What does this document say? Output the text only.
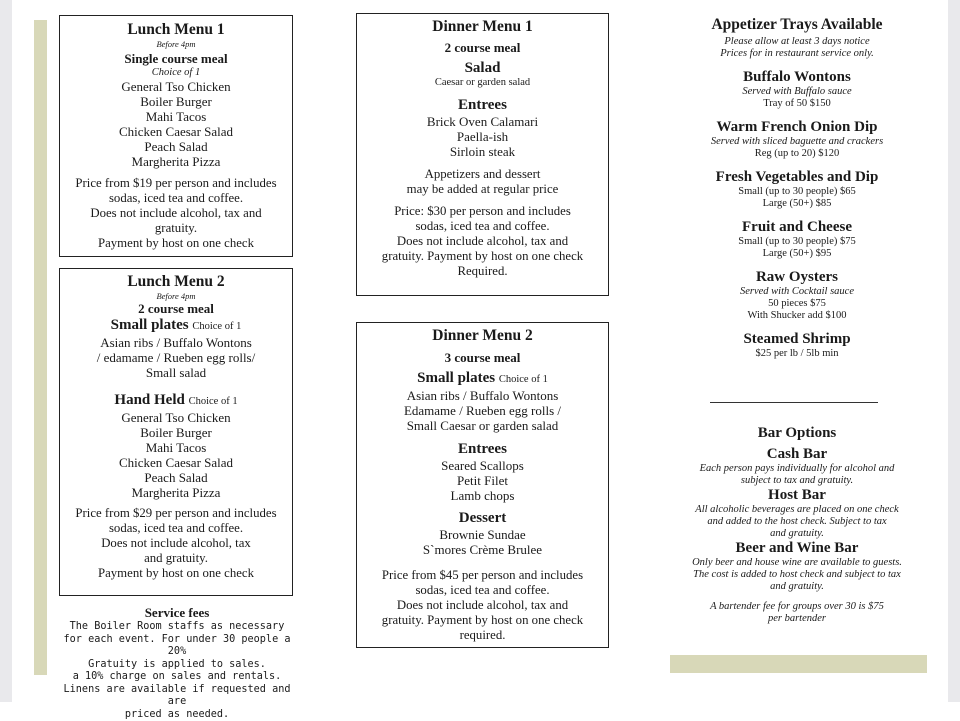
Lunch Menu 1
Before 4pm
Single course meal
Choice of 1
General Tso Chicken
Boiler Burger
Mahi Tacos
Chicken Caesar Salad
Peach Salad
Margherita Pizza
Price from $19 per person and includes
sodas, iced tea and coffee.
Does not include alcohol, tax and
gratuity.
Payment by host on one check
Lunch Menu 2
Before 4pm
2 course meal
Small plates Choice of 1
Asian ribs / Buffalo Wontons
/ edamame / Rueben egg rolls/
Small salad
Hand Held Choice of 1
General Tso Chicken
Boiler Burger
Mahi Tacos
Chicken Caesar Salad
Peach Salad
Margherita Pizza
Price from $29 per person and includes
sodas, iced tea and coffee.
Does not include alcohol, tax
and gratuity.
Payment by host on one check
Service fees
The Boiler Room staffs as necessary
for each event. For under 30 people a 20%
Gratuity is applied to sales.
a 10% charge on sales and rentals.
Linens are available if requested and are
priced as needed.
Dinner Menu 1
2 course meal
Salad
Caesar or garden salad
Entrees
Brick Oven Calamari
Paella-ish
Sirloin steak
Appetizers and dessert
may be added at regular price
Price: $30 per person and includes
sodas, iced tea and coffee.
Does not include alcohol, tax and
gratuity. Payment by host on one check
Required.
Dinner Menu 2
3 course meal
Small plates Choice of 1
Asian ribs / Buffalo Wontons
Edamame / Rueben egg rolls /
Small Caesar or garden salad
Entrees
Seared Scallops
Petit Filet
Lamb chops
Dessert
Brownie Sundae
S`mores Crème Brulee
Price from $45 per person and includes
sodas, iced tea and coffee.
Does not include alcohol, tax and
gratuity. Payment by host on one check
required.
Appetizer Trays Available
Please allow at least 3 days notice
Prices for in restaurant service only.
Buffalo Wontons
Served with Buffalo sauce
Tray of 50 $150
Warm French Onion Dip
Served with sliced baguette and crackers
Reg (up to 20) $120
Fresh Vegetables and Dip
Small (up to 30 people) $65
Large (50+) $85
Fruit and Cheese
Small (up to 30 people) $75
Large (50+) $95
Raw Oysters
Served with Cocktail sauce
50 pieces $75
With Shucker add $100
Steamed Shrimp
$25 per lb / 5lb min
Bar Options
Cash Bar
Each person pays individually for alcohol and
subject to tax and gratuity.
Host Bar
All alcoholic beverages are placed on one check
and added to the host check. Subject to tax
and gratuity.
Beer and Wine Bar
Only beer and house wine are available to guests.
The cost is added to host check and subject to tax
and gratuity.
A bartender fee for groups over 30 is $75
per bartender
